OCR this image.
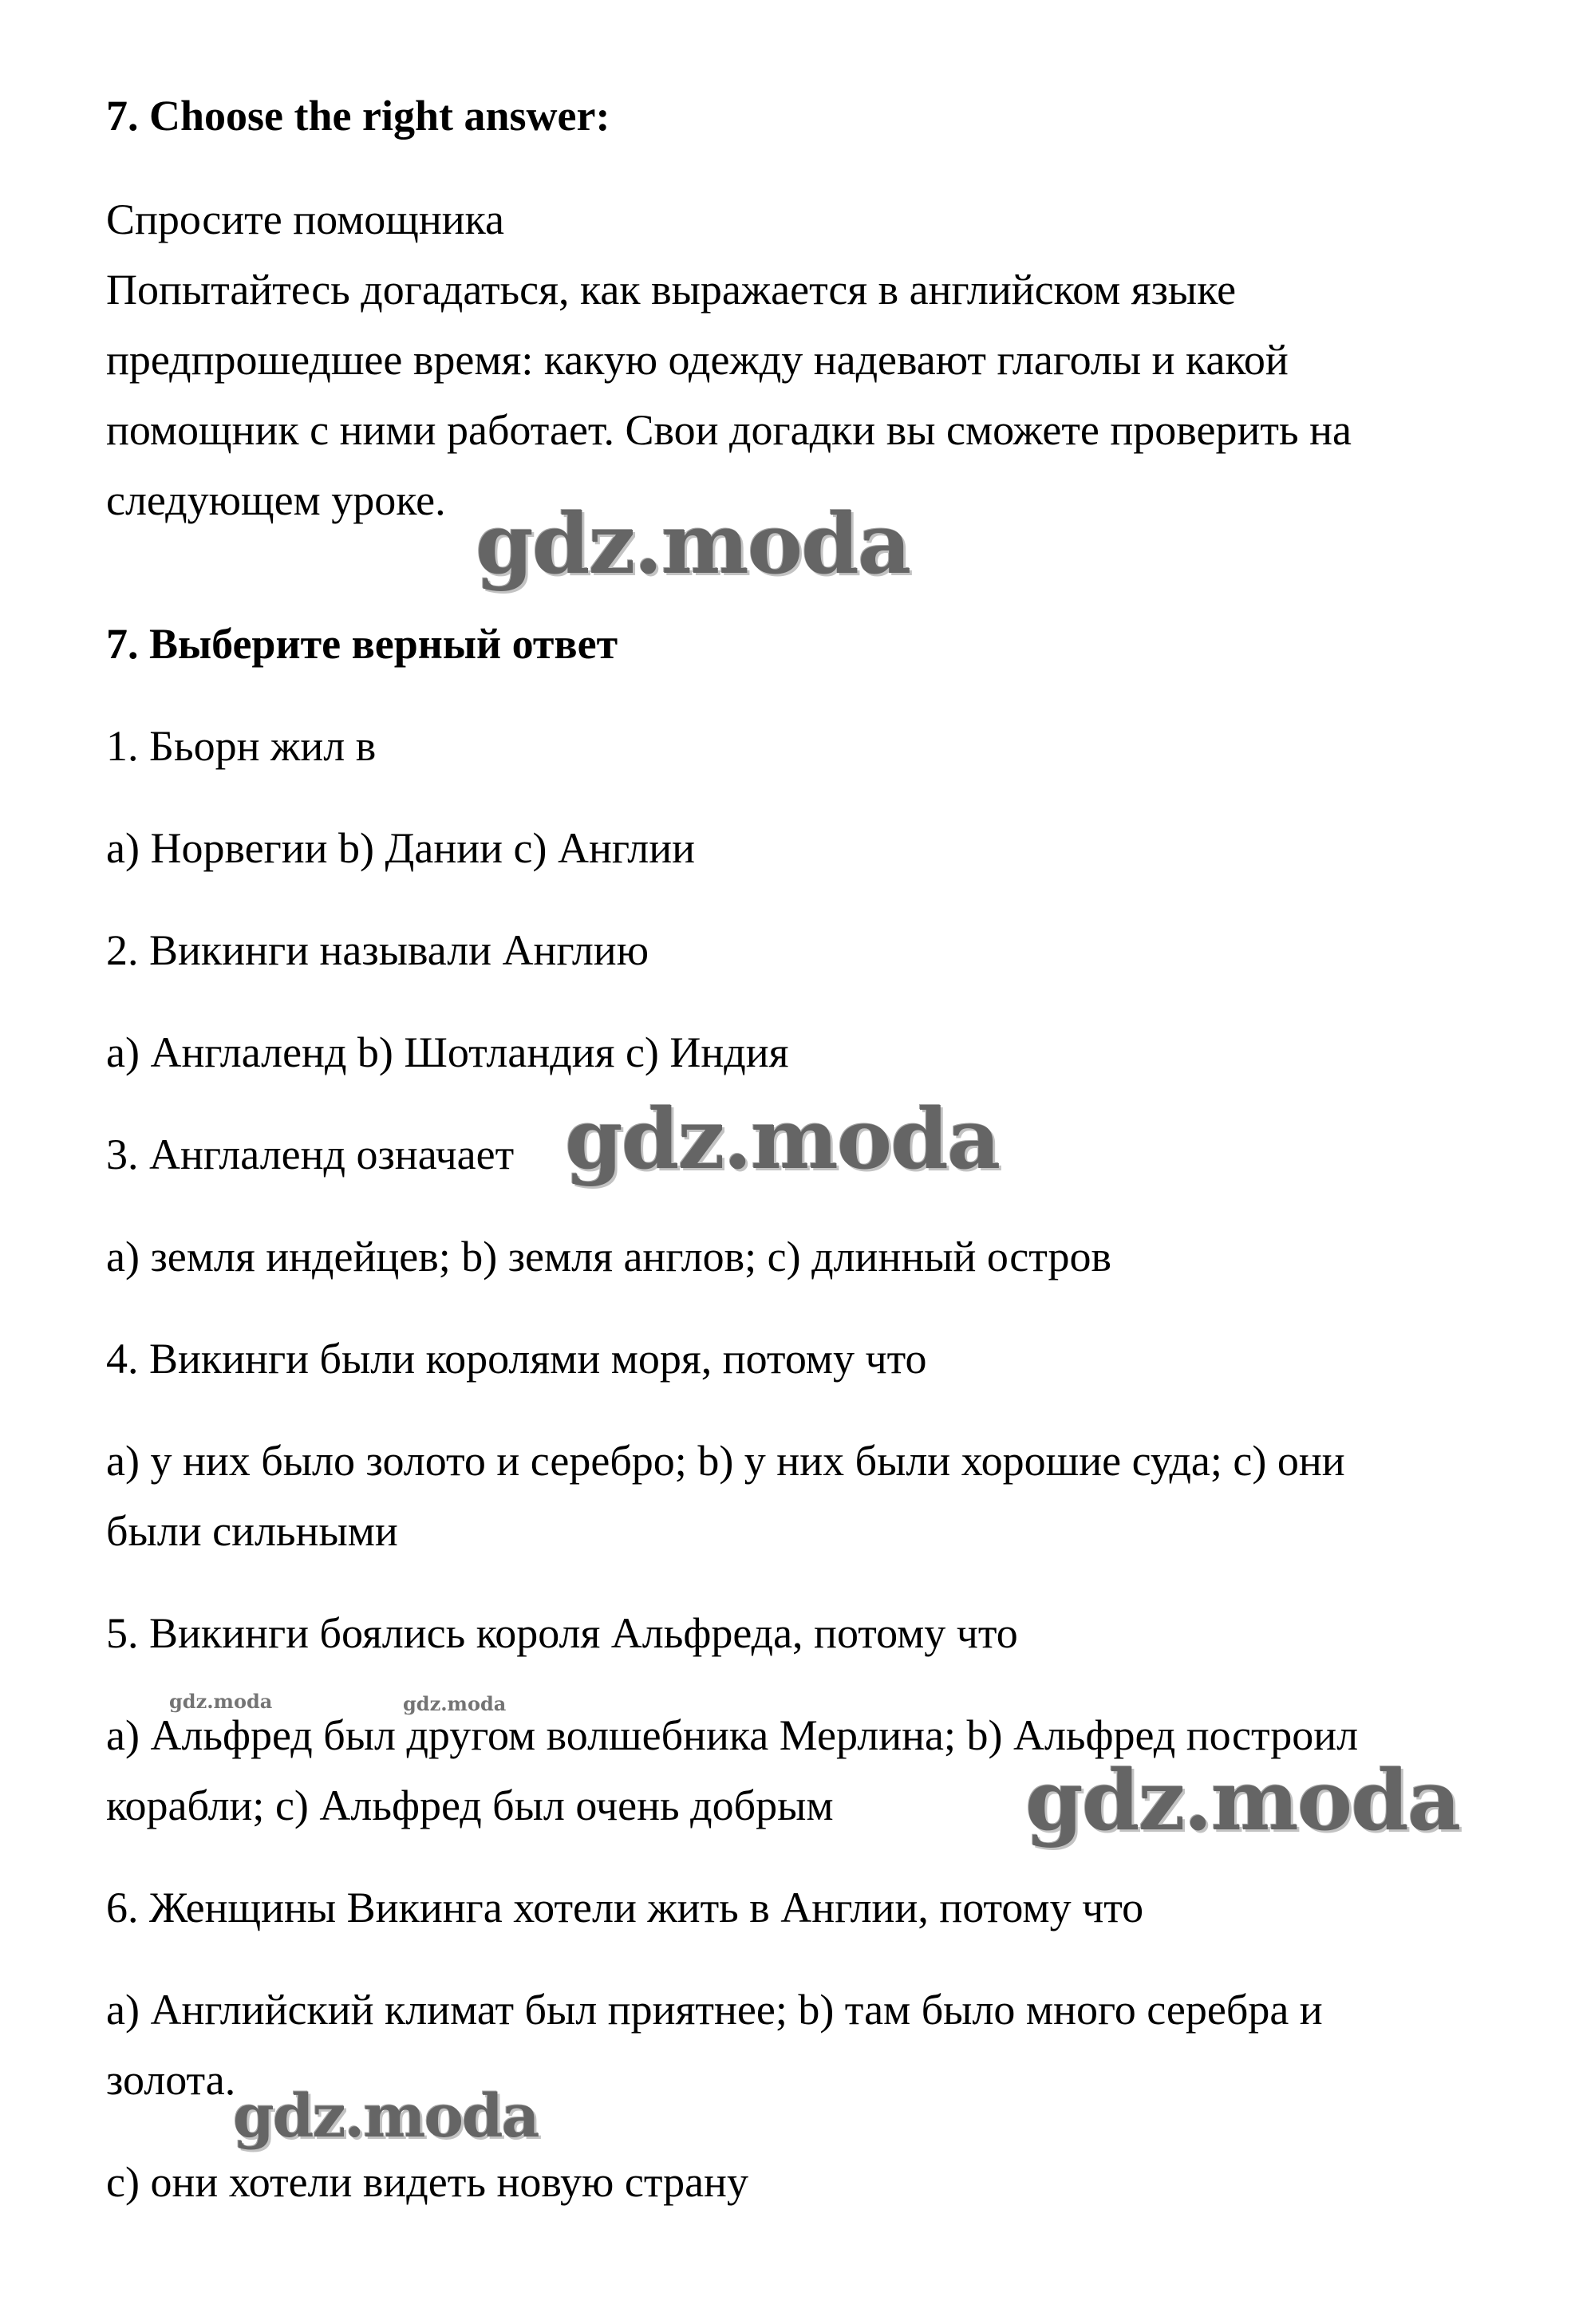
7. Choose the right answer:

Спросите помощника

Попытайтесь догадаться, как выражается в английском языке

предпрошедшее время: какую одежду надевают глаголы и какой

помощник с ними работает. Свои догадки вы сможете проверить на

следующем уроке.

7. Выберите верный ответ

1. Бьорн жил в

а) Норвегии b) Дании с) Англии

2. Викинги называли Англию

а) Англаленд b) Шотландия с) Индия

3. Англаленд означает

а) земля индейцев; b) земля англов; с) длинный остров

4. Викинги были королями моря, потому что

а) у них было золото и серебро; b) у них были хорошие суда; с) они

были сильными

5. Викинги боялись короля Альфреда, потому что

а) Альфред был другом волшебника Мерлина; b) Альфред построил

корабли; с) Альфред был очень добрым

6. Женщины Викинга хотели жить в Англии, потому что

а) Английский климат был приятнее; b) там было много серебра и

золота.

с) они хотели видеть новую страну

gdz.moda
gdz.moda
gdz.moda	gdz.moda
gdz.moda
gdz.moda
